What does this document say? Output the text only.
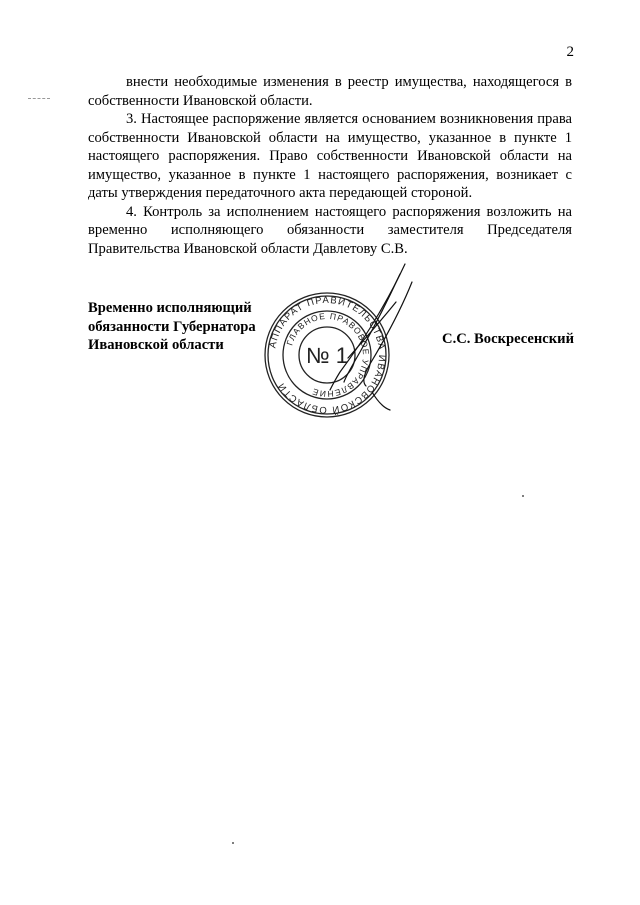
2

внести необходимые изменения в реестр имущества, находящегося в собственности Ивановской области.

3. Настоящее распоряжение является основанием возникновения права собственности Ивановской области на имущество, указанное в пункте 1 настоящего распоряжения. Право собственности Ивановской области на имущество, указанное в пункте 1 настоящего распоряжения, возникает с даты утверждения передаточного акта передающей стороной.

4. Контроль за исполнением настоящего распоряжения возложить на временно исполняющего обязанности заместителя Председателя Правительства Ивановской области Давлетову С.В.

Временно исполняющий
обязанности Губернатора
Ивановской области	АППАРАТ ПРАВИТЕЛЬСТВА ИВАНОВСКОЙ ОБЛАСТИ
ГЛАВНОЕ ПРАВОВОЕ УПРАВЛЕНИЕ
№ 1
С.С. Воскресенский
